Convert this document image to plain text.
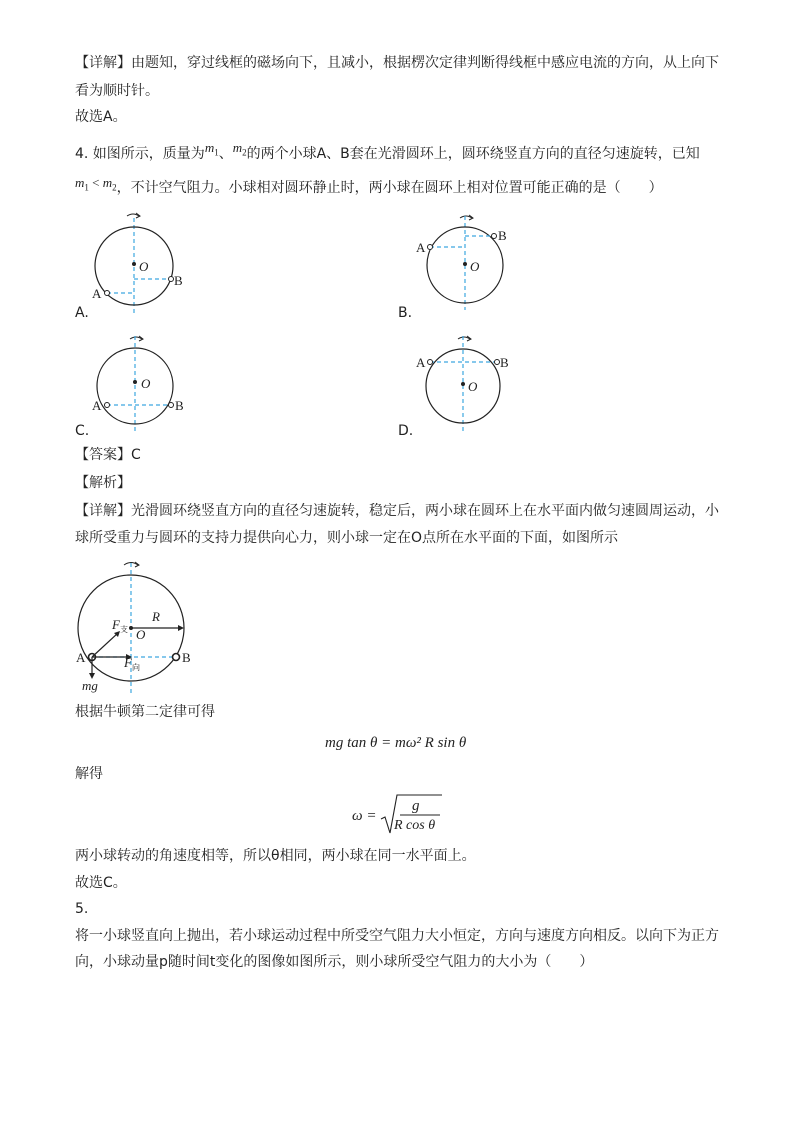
【详解】由题知，穿过线框的磁场向下，且减小，根据楞次定律判断得线框中感应电流的方向，从上向下
看为顺时针。
故选A。
4. 如图所示，质量为$m_1$、$m_2$的两个小球A、B套在光滑圆环上，圆环绕竖直方向的直径匀速旋转，已知
$m_1 < m_2$，不计空气阻力。小球相对圆环静止时，两小球在圆环上相对位置可能正确的是（　　）
O
B
A
A.
O
B
A
B.
O
A	B
C.
O
A	B
D.
【答案】C
【解析】
【详解】光滑圆环绕竖直方向的直径匀速旋转，稳定后，两小球在圆环上在水平面内做匀速圆周运动，小
球所受重力与圆环的支持力提供向心力，则小球一定在O点所在水平面的下面，如图所示
O
R
A	B
$F_支$
$F_向$
mg
根据牛顿第二定律可得
mg tan θ = mω² R sin θ
解得
ω =
g
R cos θ
两小球转动的角速度相等，所以θ相同，两小球在同一水平面上。
故选C。
5.
将一小球竖直向上抛出，若小球运动过程中所受空气阻力大小恒定，方向与速度方向相反。以向下为正方
向，小球动量p随时间t变化的图像如图所示，则小球所受空气阻力的大小为（　　）
